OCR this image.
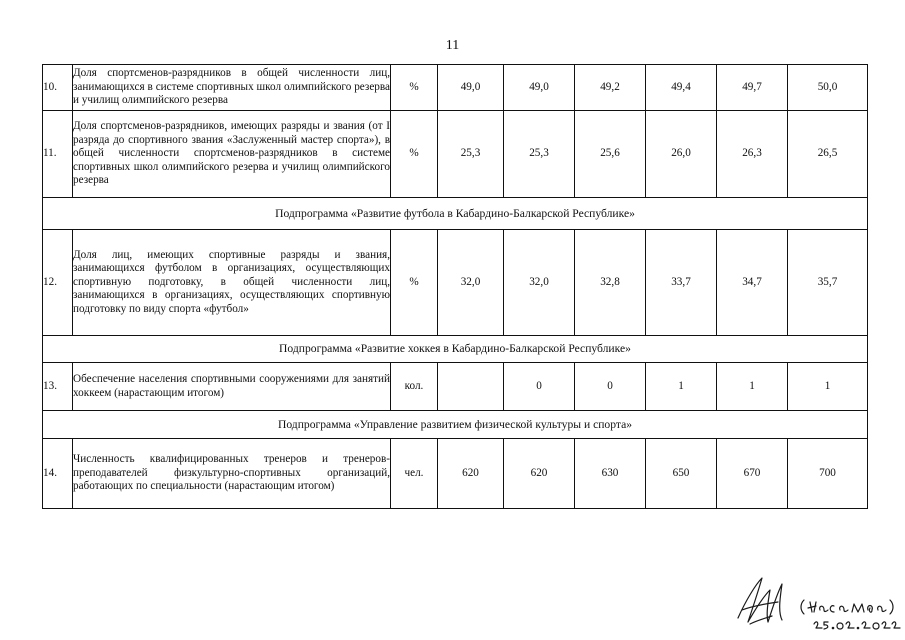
11
10.	Доля спортсменов-разрядников в общей численности лиц, занимающихся в системе спортивных школ олимпийского резерва и училищ олимпийского резерва	%	49,0	49,0	49,2	49,4	49,7	50,0
11.	Доля спортсменов-разрядников, имеющих разряды и звания (от I разряда до спортивного звания «Заслуженный мастер спорта»), в общей численности спортсменов-разрядников в системе спортивных школ олимпийского резерва и училищ олимпийского резерва	%	25,3	25,3	25,6	26,0	26,3	26,5
Подпрограмма «Развитие футбола в Кабардино-Балкарской Республике»								
12.	Доля лиц, имеющих спортивные разряды и звания, занимающихся футболом в организациях, осуществляющих спортивную подготовку, в общей численности лиц, занимающихся в организациях, осуществляющих спортивную подготовку по виду спорта «футбол»	%	32,0	32,0	32,8	33,7	34,7	35,7
Подпрограмма «Развитие хоккея в Кабардино-Балкарской Республике»								
13.	Обеспечение населения спортивными сооружениями для занятий хоккеем (нарастающим итогом)	кол.		0	0	1	1	1
Подпрограмма «Управление развитием физической культуры и спорта»								
14.	Численность квалифицированных тренеров и тренеров-преподавателей физкультурно-спортивных организаций, работающих по специальности (нарастающим итогом)	чел.	620	620	630	650	670	700
